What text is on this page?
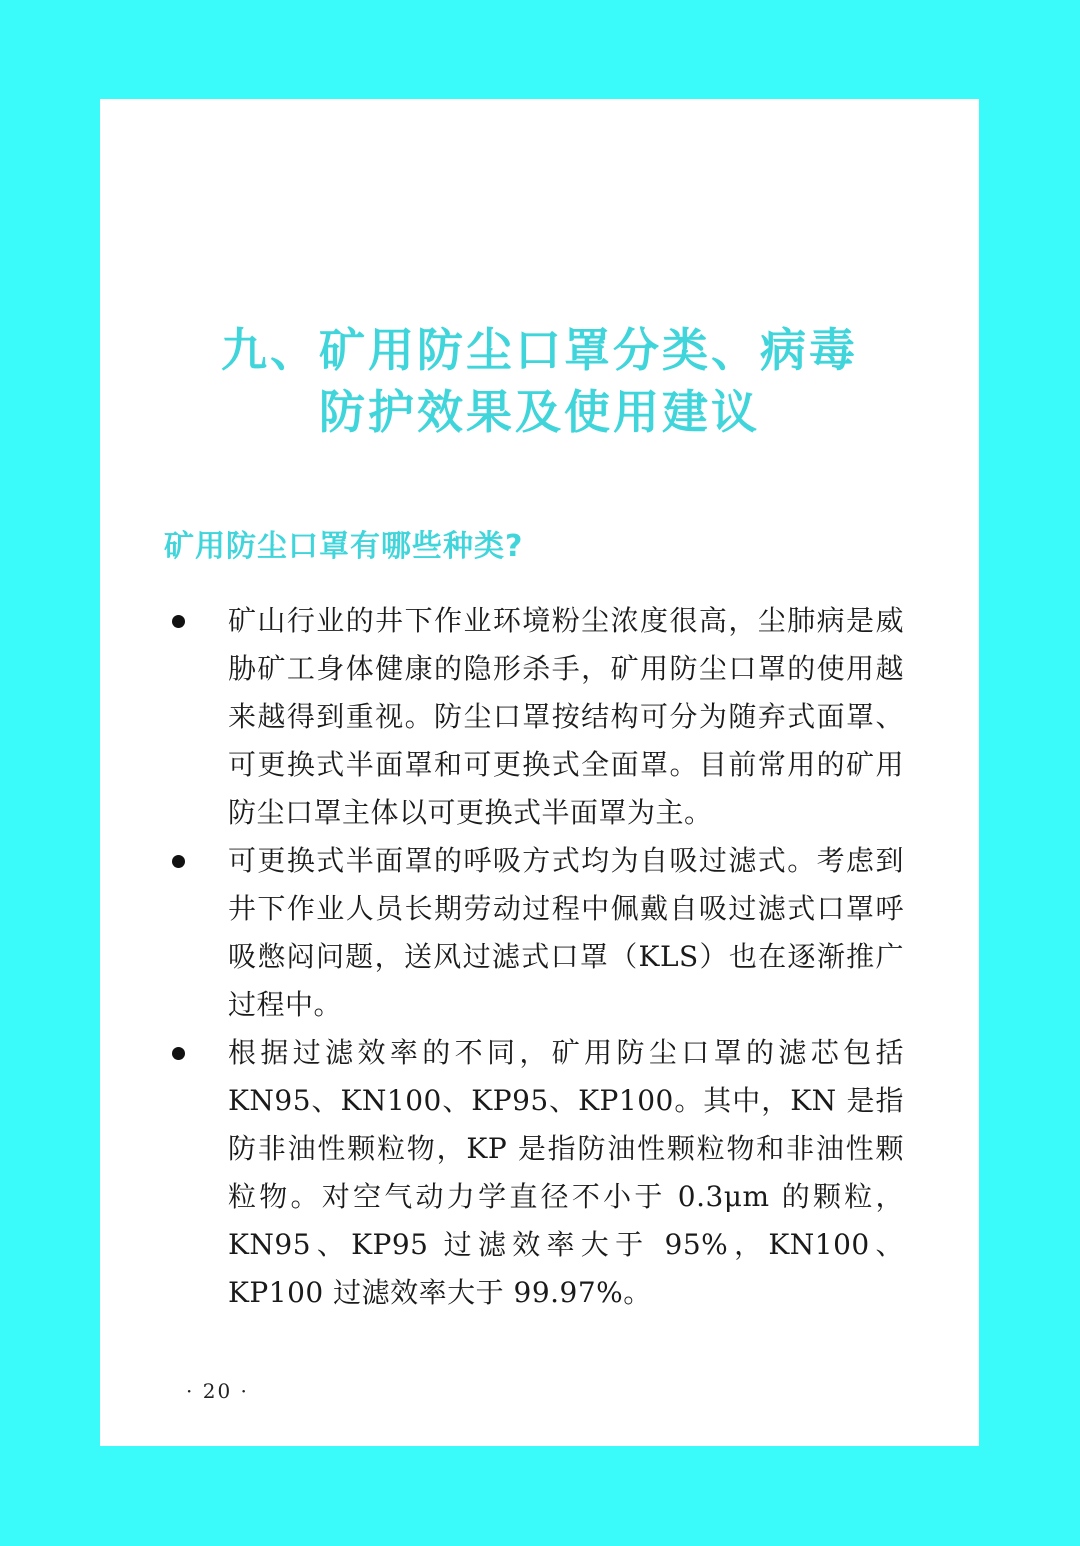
九、矿用防尘口罩分类、病毒
防护效果及使用建议
矿用防尘口罩有哪些种类?
矿山行业的井下作业环境粉尘浓度很高，尘肺病是威胁矿工身体健康的隐形杀手，矿用防尘口罩的使用越来越得到重视。防尘口罩按结构可分为随弃式面罩、可更换式半面罩和可更换式全面罩。目前常用的矿用防尘口罩主体以可更换式半面罩为主。
可更换式半面罩的呼吸方式均为自吸过滤式。考虑到井下作业人员长期劳动过程中佩戴自吸过滤式口罩呼吸憋闷问题，送风过滤式口罩（KLS）也在逐渐推广过程中。
根据过滤效率的不同，矿用防尘口罩的滤芯包括KN95、KN100、KP95、KP100。其中，KN 是指防非油性颗粒物，KP 是指防油性颗粒物和非油性颗粒物。对空气动力学直径不小于 0.3μm 的颗粒，KN95、KP95 过滤效率大于 95%，KN100、KP100 过滤效率大于 99.97%。
· 20 ·
